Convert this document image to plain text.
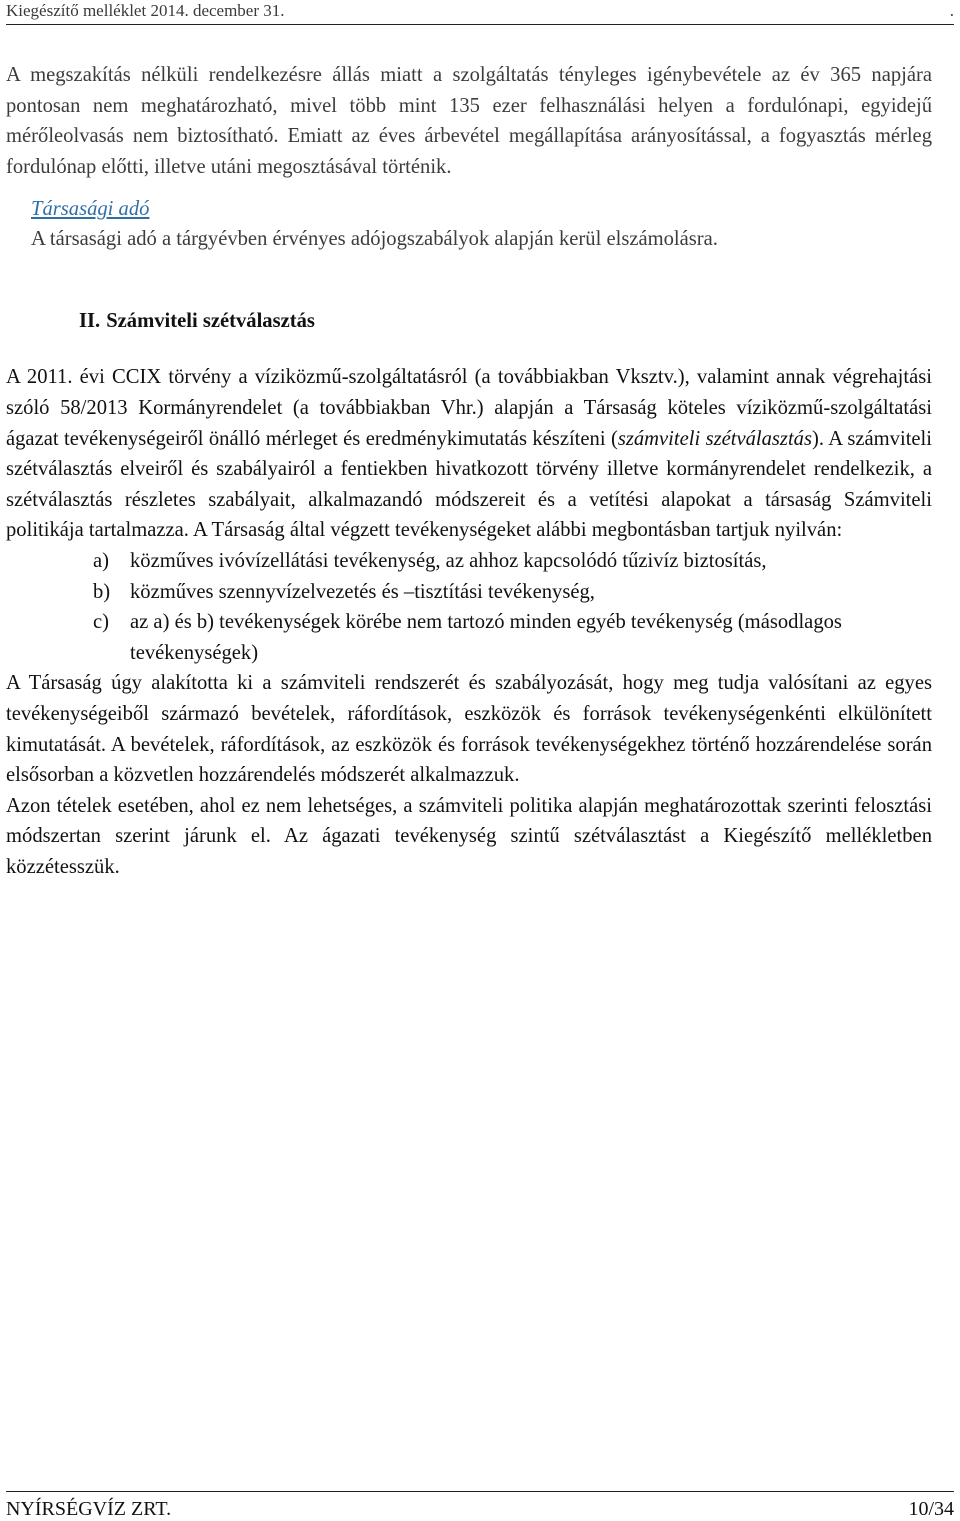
Kiegészítő melléklet 2014. december 31.	.

A megszakítás nélküli rendelkezésre állás miatt a szolgáltatás tényleges igénybevétele az év 365 napjára pontosan nem meghatározható, mivel több mint 135 ezer felhasználási helyen a fordulónapi, egyidejű mérőleolvasás nem biztosítható. Emiatt az éves árbevétel megállapítása arányosítással, a fogyasztás mérleg fordulónap előtti, illetve utáni megosztásával történik.

Társasági adó
A társasági adó a tárgyévben érvényes adójogszabályok alapján kerül elszámolásra.
II. Számviteli szétválasztás

A 2011. évi CCIX törvény a víziközmű-szolgáltatásról (a továbbiakban Vksztv.), valamint annak végrehajtási szóló 58/2013 Kormányrendelet (a továbbiakban Vhr.) alapján a Társaság köteles víziközmű-szolgáltatási ágazat tevékenységeiről önálló mérleget és eredménykimutatás készíteni (számviteli szétválasztás). A számviteli szétválasztás elveiről és szabályairól a fentiekben hivatkozott törvény illetve kormányrendelet rendelkezik, a szétválasztás részletes szabályait, alkalmazandó módszereit és a vetítési alapokat a társaság Számviteli politikája tartalmazza. A Társaság által végzett tevékenységeket alábbi megbontásban tartjuk nyilván:

a) közműves ivóvízellátási tevékenység, az ahhoz kapcsolódó tűzivíz biztosítás,
b) közműves szennyvízelvezetés és –tisztítási tevékenység,
c) az a) és b) tevékenységek körébe nem tartozó minden egyéb tevékenység (másodlagos tevékenységek)

A Társaság úgy alakította ki a számviteli rendszerét és szabályozását, hogy meg tudja valósítani az egyes tevékenységeiből származó bevételek, ráfordítások, eszközök és források tevékenységenkénti elkülönített kimutatását. A bevételek, ráfordítások, az eszközök és források tevékenységekhez történő hozzárendelése során elsősorban a közvetlen hozzárendelés módszerét alkalmazzuk.

Azon tételek esetében, ahol ez nem lehetséges, a számviteli politika alapján meghatározottak szerinti felosztási módszertan szerint járunk el. Az ágazati tevékenység szintű szétválasztást a Kiegészítő mellékletben közzétesszük.

NYÍRSÉGVÍZ ZRT.	10/34
